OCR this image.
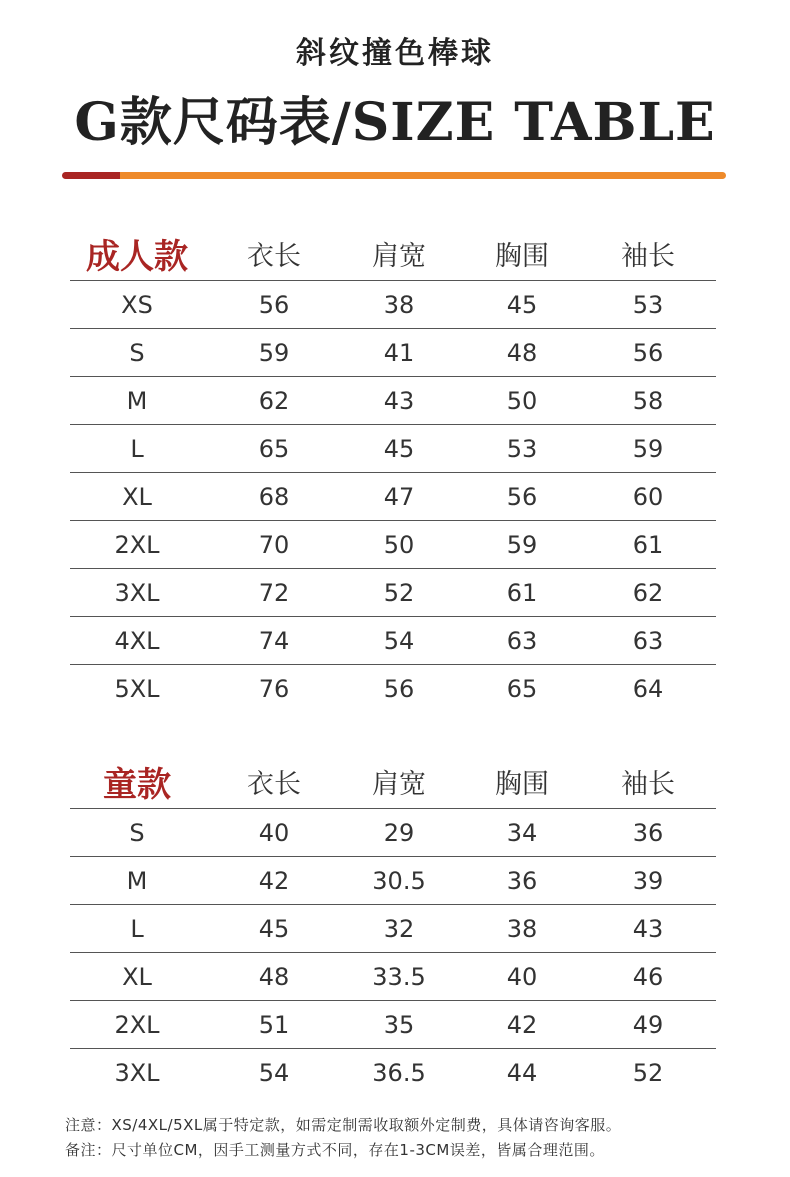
斜纹撞色棒球
G款尺码表/SIZE TABLE
成人款	衣长	肩宽	胸围	袖长
XS	56	38	45	53
S	59	41	48	56
M	62	43	50	58
L	65	45	53	59
XL	68	47	56	60
2XL	70	50	59	61
3XL	72	52	61	62
4XL	74	54	63	63
5XL	76	56	65	64
童款	衣长	肩宽	胸围	袖长
S	40	29	34	36
M	42	30.5	36	39
L	45	32	38	43
XL	48	33.5	40	46
2XL	51	35	42	49
3XL	54	36.5	44	52
注意：XS/4XL/5XL属于特定款，如需定制需收取额外定制费，具体请咨询客服。
备注：尺寸单位CM，因手工测量方式不同，存在1-3CM误差，皆属合理范围。
